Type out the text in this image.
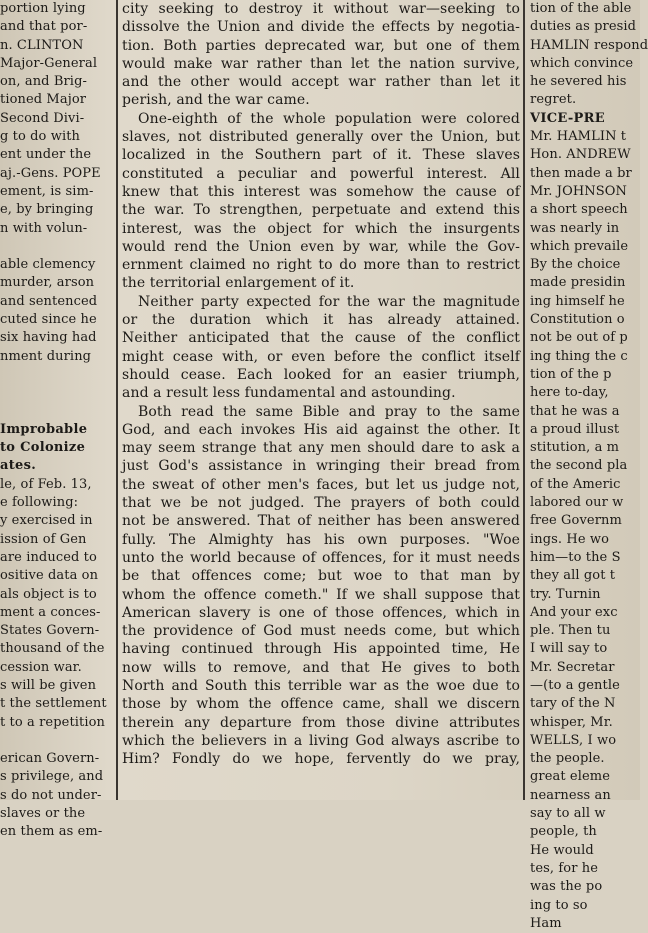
portion lying
and that por-
n. CLINTON
Major-General
on, and Brig-
tioned Major
Second Divi-
g to do with
ent under the
aj.-Gens. POPE
ement, is sim-
e, by bringing
n with volun-
able clemency
murder, arson
and sentenced
cuted since he
six having had
nment during
Improbable
to Colonize
ates.
le, of Feb. 13,
e following:
y exercised in
ission of Gen
are induced to
ositive data on
als object is to
ment a conces-
States Govern-
thousand of the
cession war.
s will be given
t the settlement
t to a repetition
erican Govern-
s privilege, and
s do not under-
slaves or the
en them as em-
city seeking to destroy it without war—seeking to
dissolve the Union and divide the effects by negotia-
tion. Both parties deprecated war, but one of them
would make war rather than let the nation survive,
and the other would accept war rather than let it
perish, and the war came.
One-eighth of the whole population were colored
slaves, not distributed generally over the Union, but
localized in the Southern part of it. These slaves
constituted a peculiar and powerful interest. All
knew that this interest was somehow the cause of
the war. To strengthen, perpetuate and extend this
interest, was the object for which the insurgents
would rend the Union even by war, while the Gov-
ernment claimed no right to do more than to restrict
the territorial enlargement of it.
Neither party expected for the war the magnitude
or the duration which it has already attained.
Neither anticipated that the cause of the conflict
might cease with, or even before the conflict itself
should cease. Each looked for an easier triumph,
and a result less fundamental and astounding.
Both read the same Bible and pray to the same
God, and each invokes His aid against the other. It
may seem strange that any men should dare to ask a
just God's assistance in wringing their bread from
the sweat of other men's faces, but let us judge not,
that we be not judged. The prayers of both could
not be answered. That of neither has been answered
fully. The Almighty has his own purposes. "Woe
unto the world because of offences, for it must needs
be that offences come; but woe to that man by
whom the offence cometh." If we shall suppose that
American slavery is one of those offences, which in
the providence of God must needs come, but which
having continued through His appointed time, He
now wills to remove, and that He gives to both
North and South this terrible war as the woe due to
those by whom the offence came, shall we discern
therein any departure from those divine attributes
which the believers in a living God always ascribe to
Him? Fondly do we hope, fervently do we pray,
tion of the able
duties as presid
HAMLIN respond
which convince
he severed his
regret.
VICE-PRE
Mr. HAMLIN t
Hon. ANDREW
then made a br
Mr. JOHNSON
a short speech
was nearly in
which prevaile
By the choice
made presidin
ing himself he
Constitution o
not be out of p
ing thing the c
tion of the p
here to-day,
that he was a
a proud illust
stitution, a m
the second pla
of the Americ
labored our w
free Governm
ings. He wo
him—to the S
they all got t
try. Turnin
And your exc
ple. Then tu
I will say to
Mr. Secretar
—(to a gentle
tary of the N
whisper, Mr.
WELLS, I wo
the people.
great eleme
nearness an
say to all w
people, th
He would
tes, for he
was the po
ing to so
Ham
